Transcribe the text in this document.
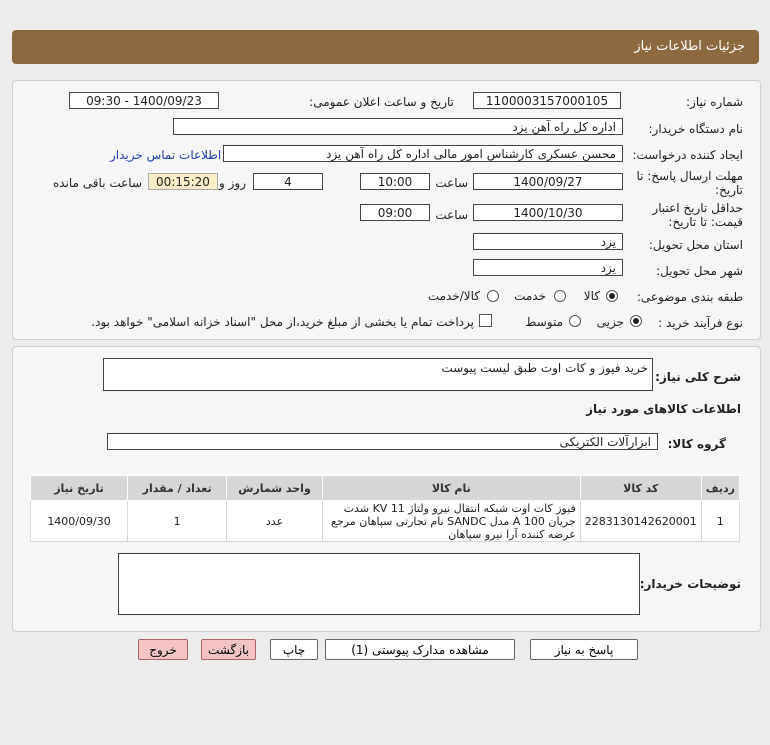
جزئیات اطلاعات نیاز
شماره نیاز:
1100003157000105
تاریخ و ساعت اعلان عمومی:
1400/09/23 - 09:30
نام دستگاه خریدار:
اداره کل راه آهن یزد
ایجاد کننده درخواست:
محسن عسکری کارشناس امور مالی اداره کل راه آهن یزد
اطلاعات تماس خریدار
مهلت ارسال پاسخ: تا
تاریخ:
1400/09/27
ساعت
10:00
4
روز و
00:15:20
ساعت باقی مانده
حداقل تاریخ اعتبار
قیمت: تا تاریخ:
1400/10/30
ساعت
09:00
استان محل تحویل:
یزد
شهر محل تحویل:
یزد
طبقه بندی موضوعی:
کالا
خدمت
کالا/خدمت
نوع فرآیند خرید :
جزیی
متوسط
پرداخت تمام یا بخشی از مبلغ خرید،از محل "اسناد خزانه اسلامی" خواهد بود.
شرح کلی نیاز:
خرید فیوز و کات اوت طبق لیست پیوست
اطلاعات کالاهای مورد نیاز
گروه کالا:
ابزارآلات الکتریکی
ردیف	کد کالا	نام کالا	واحد شمارش	تعداد / مقدار	تاریخ نیاز
1	2283130142620001	فیوز کات اوت شبکه انتقال نیرو ولتاژ KV 11 شدت جریان A 100 مدل SANDC نام تجارتی سپاهان مرجع عرضه کننده آرا نیرو سپاهان	عدد	1	1400/09/30
توضیحات خریدار:
پاسخ به نیاز
مشاهده مدارک پیوستی (1)
چاپ
بازگشت
خروج
